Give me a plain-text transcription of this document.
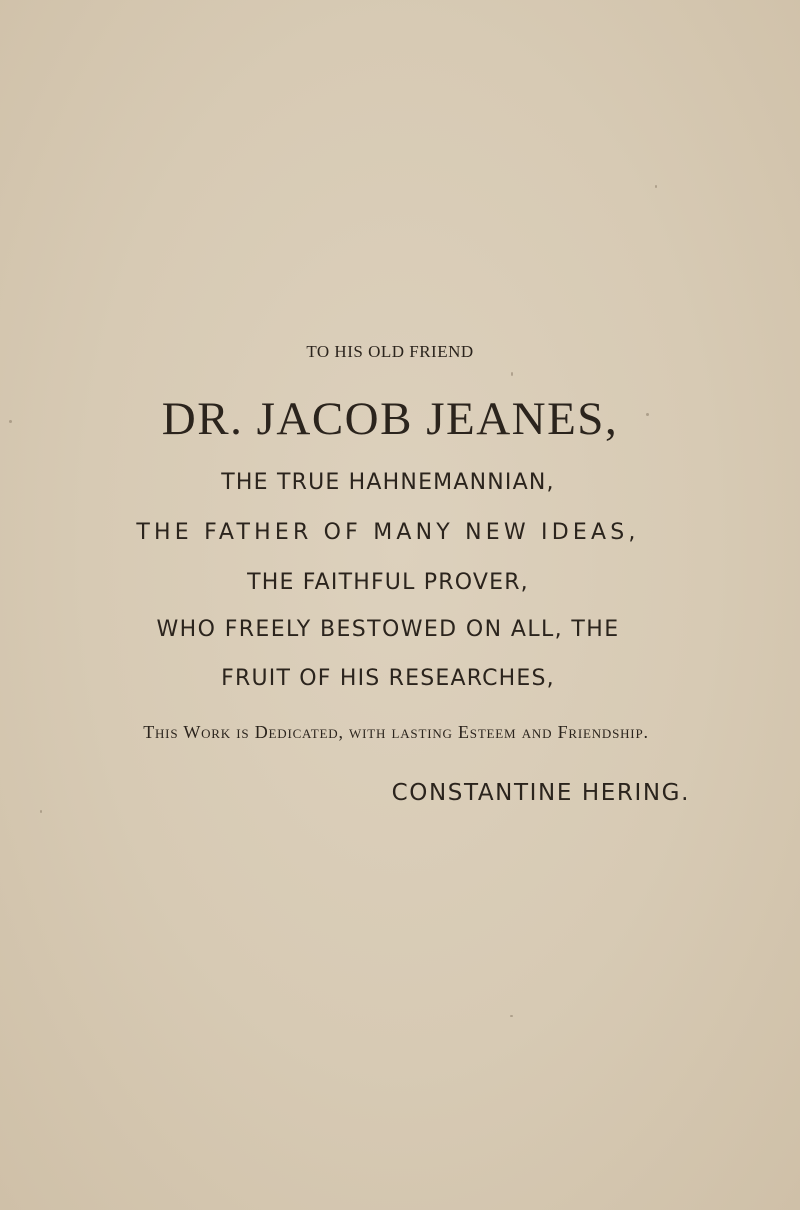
TO HIS OLD FRIEND

DR. JACOB JEANES,

THE TRUE HAHNEMANNIAN,

THE FATHER OF MANY NEW IDEAS,

THE FAITHFUL PROVER,

WHO FREELY BESTOWED ON ALL, THE

FRUIT OF HIS RESEARCHES,

This Work is Dedicated, with lasting Esteem and Friendship.

CONSTANTINE HERING.
